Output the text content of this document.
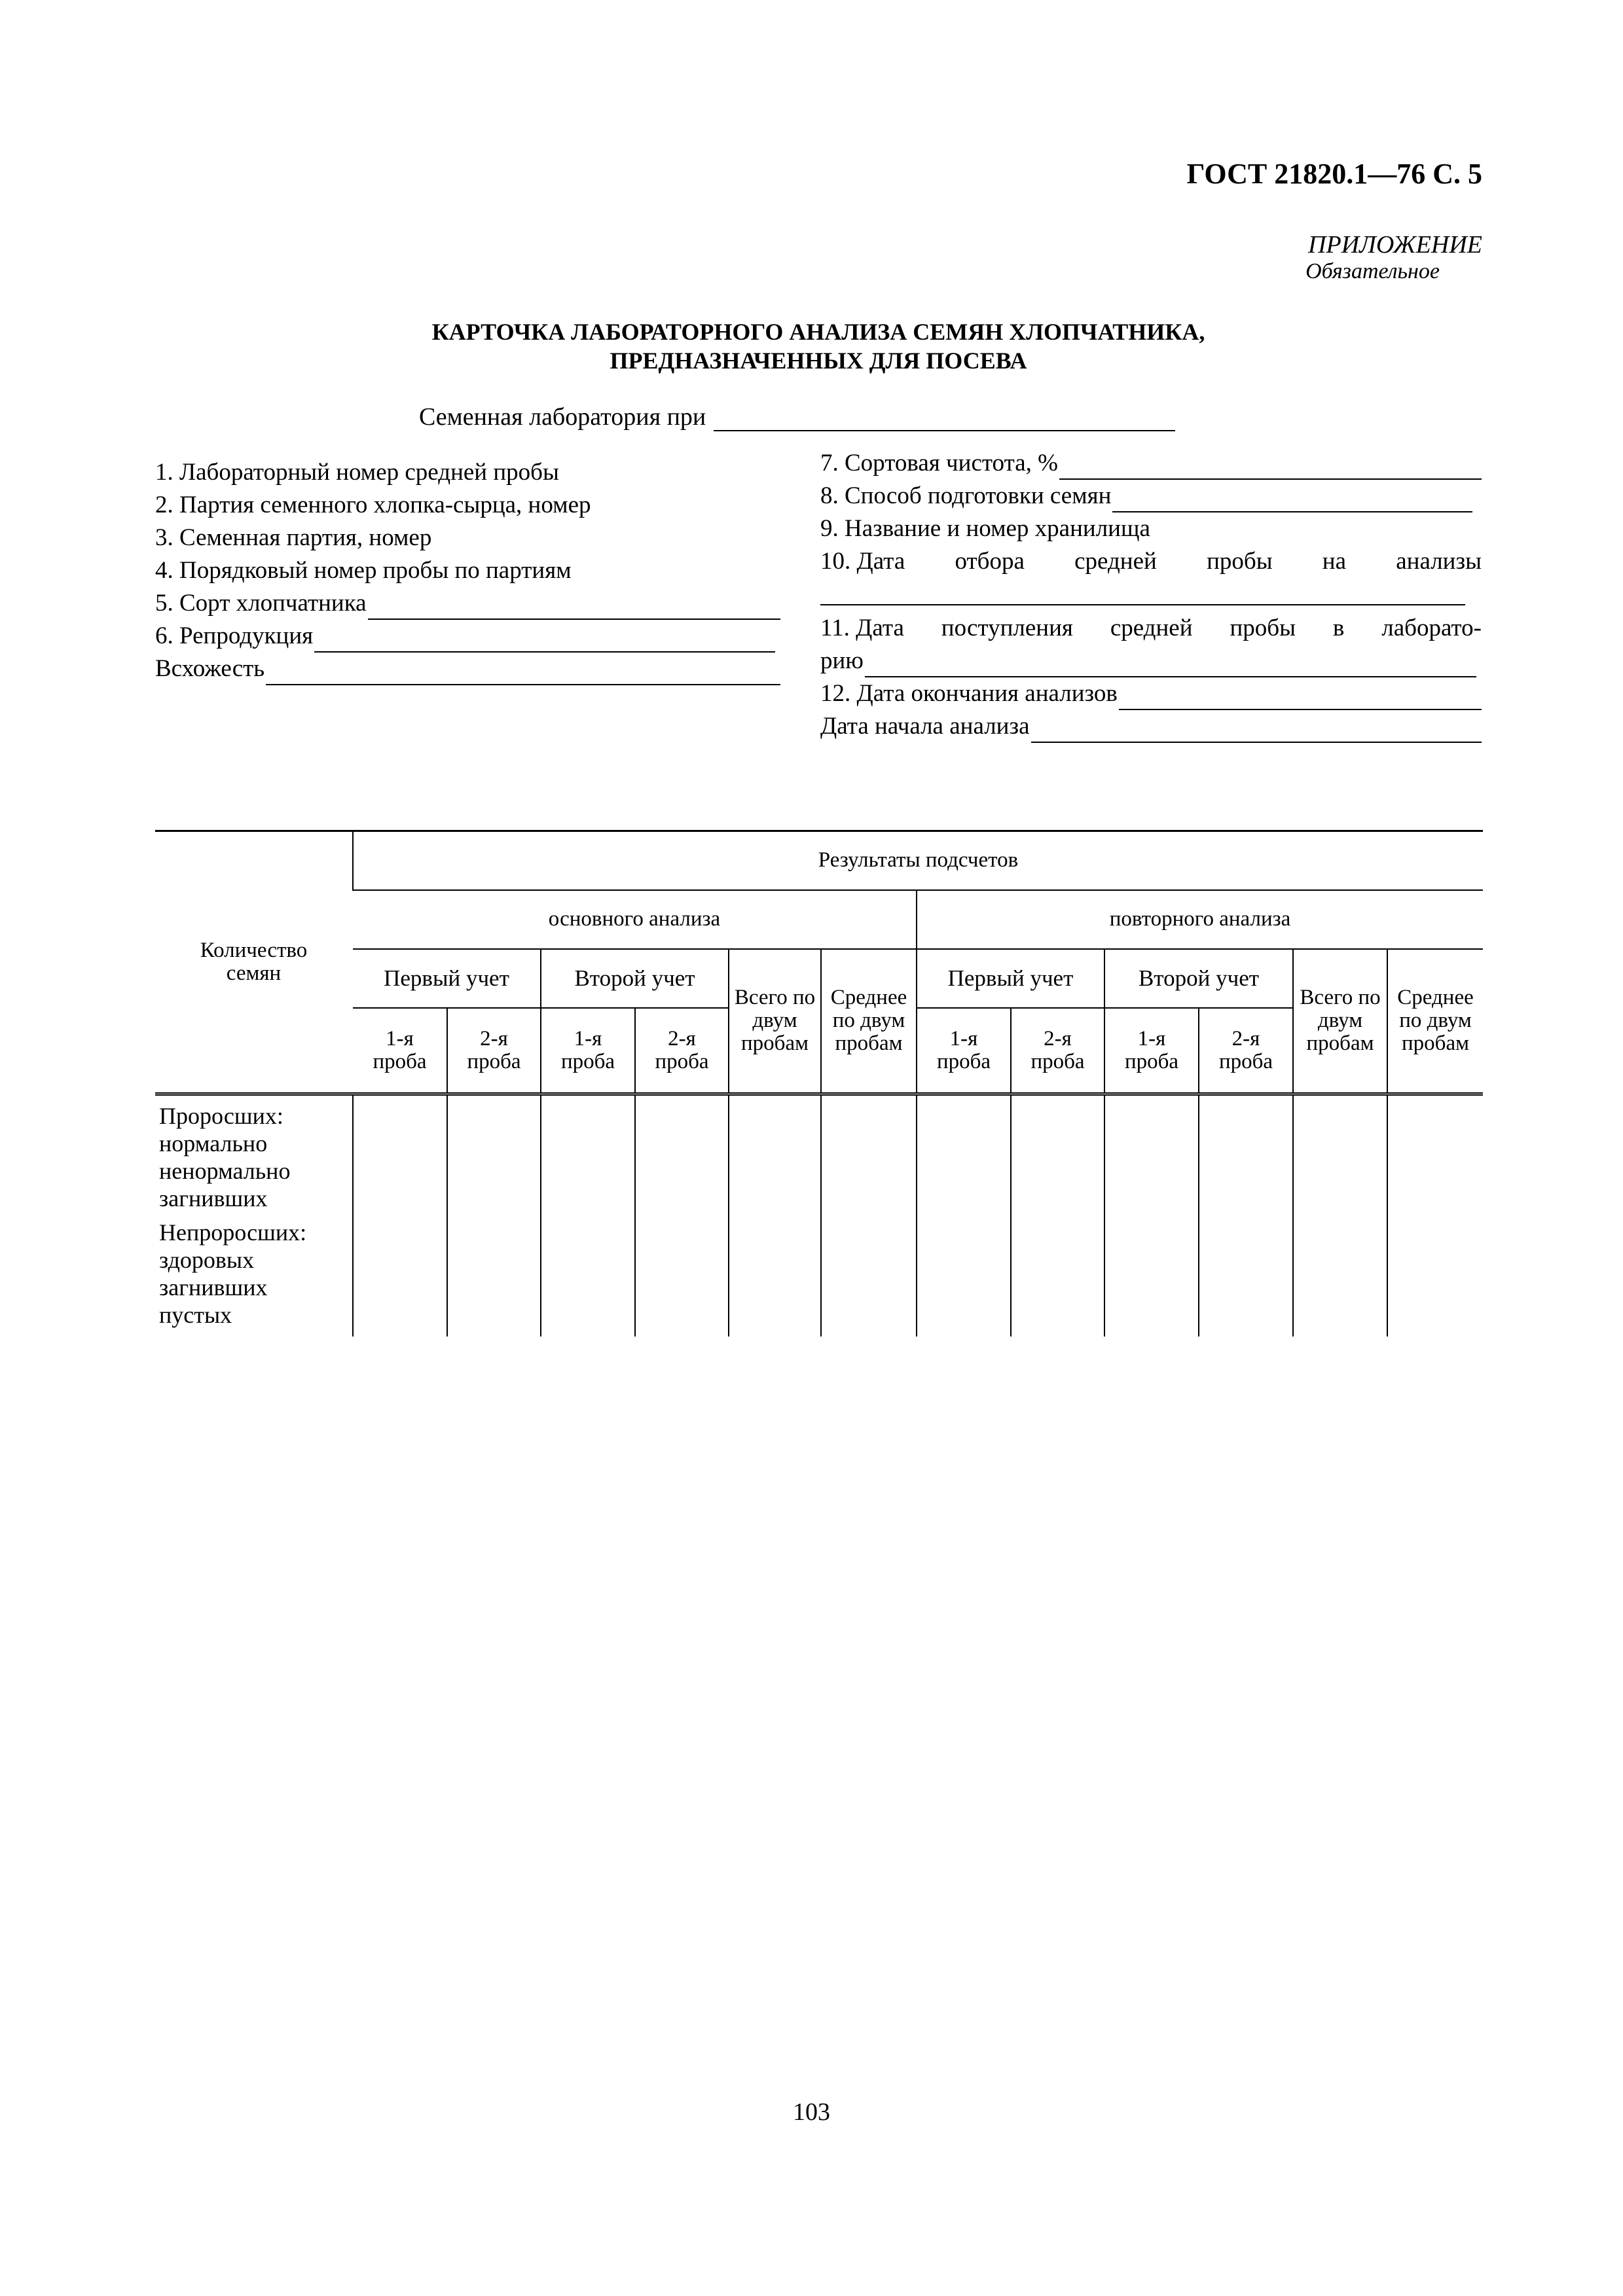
ГОСТ 21820.1—76 С. 5
ПРИЛОЖЕНИЕ
Обязательное
КАРТОЧКА ЛАБОРАТОРНОГО АНАЛИЗА СЕМЯН ХЛОПЧАТНИКА,
ПРЕДНАЗНАЧЕННЫХ ДЛЯ ПОСЕВА
Семенная лаборатория при
1. Лабораторный номер средней пробы
2. Партия семенного хлопка-сырца, номер
3. Семенная партия, номер
4. Порядковый номер пробы по партиям
5. Сорт хлопчатника
6. Репродукция
Всхожесть
7. Сортовая чистота, %
8. Способ подготовки семян
9. Название и номер хранилища
10. Дата отбора средней пробы на анализы
11. Дата поступления средней пробы в лаборато-
рию
12. Дата окончания анализов
Дата начала анализа
Количество семян	Результаты подсчетов											
	основного анализа						повторного анализа					
	Первый учет		Второй учет		Всего по двум пробам	Среднее по двум пробам	Первый учет		Второй учет		Всего по двум пробам	Среднее по двум пробам
	1-я проба	2-я проба	1-я проба	2-я проба			1-я проба	2-я проба	1-я проба	2-я проба		

Проросших:
нормально
ненормально
загнивших												

Непроросших:
здоровых
загнивших
пустых												

103
